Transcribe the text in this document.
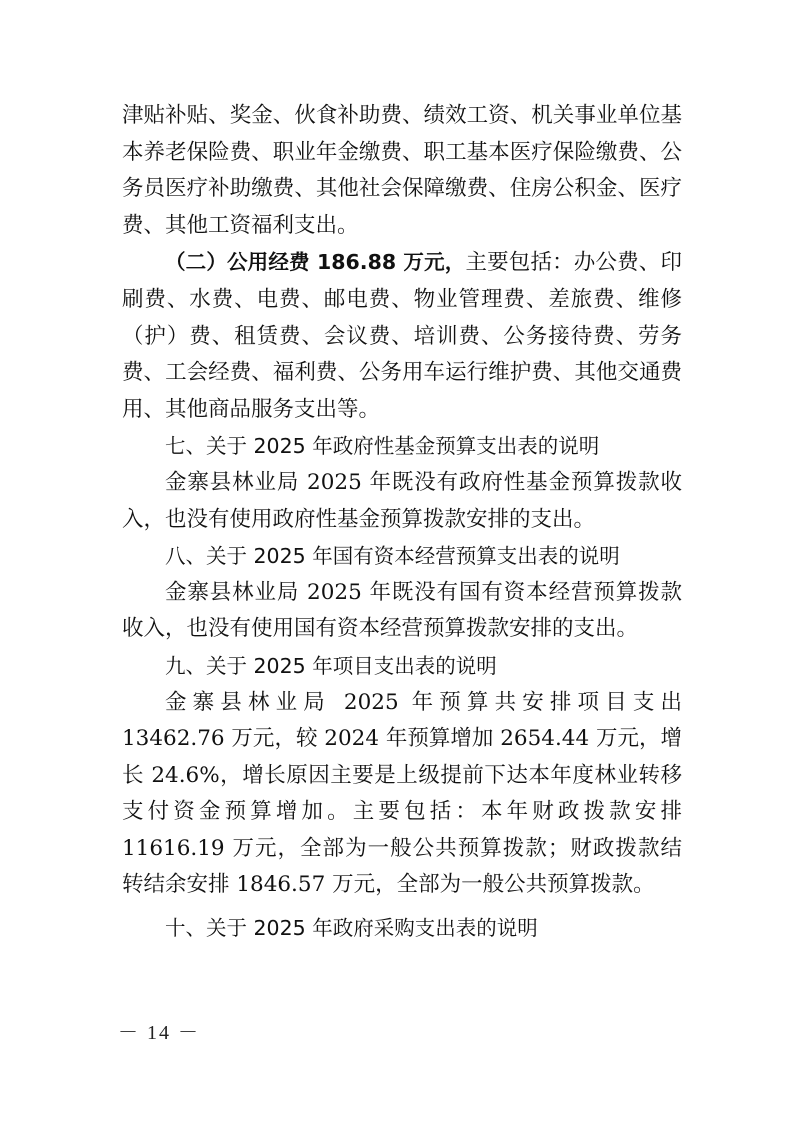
津贴补贴、奖金、伙食补助费、绩效工资、机关事业单位基本养老保险费、职业年金缴费、职工基本医疗保险缴费、公务员医疗补助缴费、其他社会保障缴费、住房公积金、医疗费、其他工资福利支出。

（二）公用经费 186.88 万元，主要包括：办公费、印刷费、水费、电费、邮电费、物业管理费、差旅费、维修（护）费、租赁费、会议费、培训费、公务接待费、劳务费、工会经费、福利费、公务用车运行维护费、其他交通费用、其他商品服务支出等。

七、关于 2025 年政府性基金预算支出表的说明

金寨县林业局 2025 年既没有政府性基金预算拨款收入，也没有使用政府性基金预算拨款安排的支出。

八、关于 2025 年国有资本经营预算支出表的说明

金寨县林业局 2025 年既没有国有资本经营预算拨款收入，也没有使用国有资本经营预算拨款安排的支出。

九、关于 2025 年项目支出表的说明

金寨县林业局 2025 年预算共安排项目支出 13462.76 万元，较 2024 年预算增加 2654.44 万元，增长 24.6%，增长原因主要是上级提前下达本年度林业转移支付资金预算增加。主要包括：本年财政拨款安排 11616.19 万元，全部为一般公共预算拨款；财政拨款结转结余安排 1846.57 万元，全部为一般公共预算拨款。

十、关于 2025 年政府采购支出表的说明

－ 14 －
